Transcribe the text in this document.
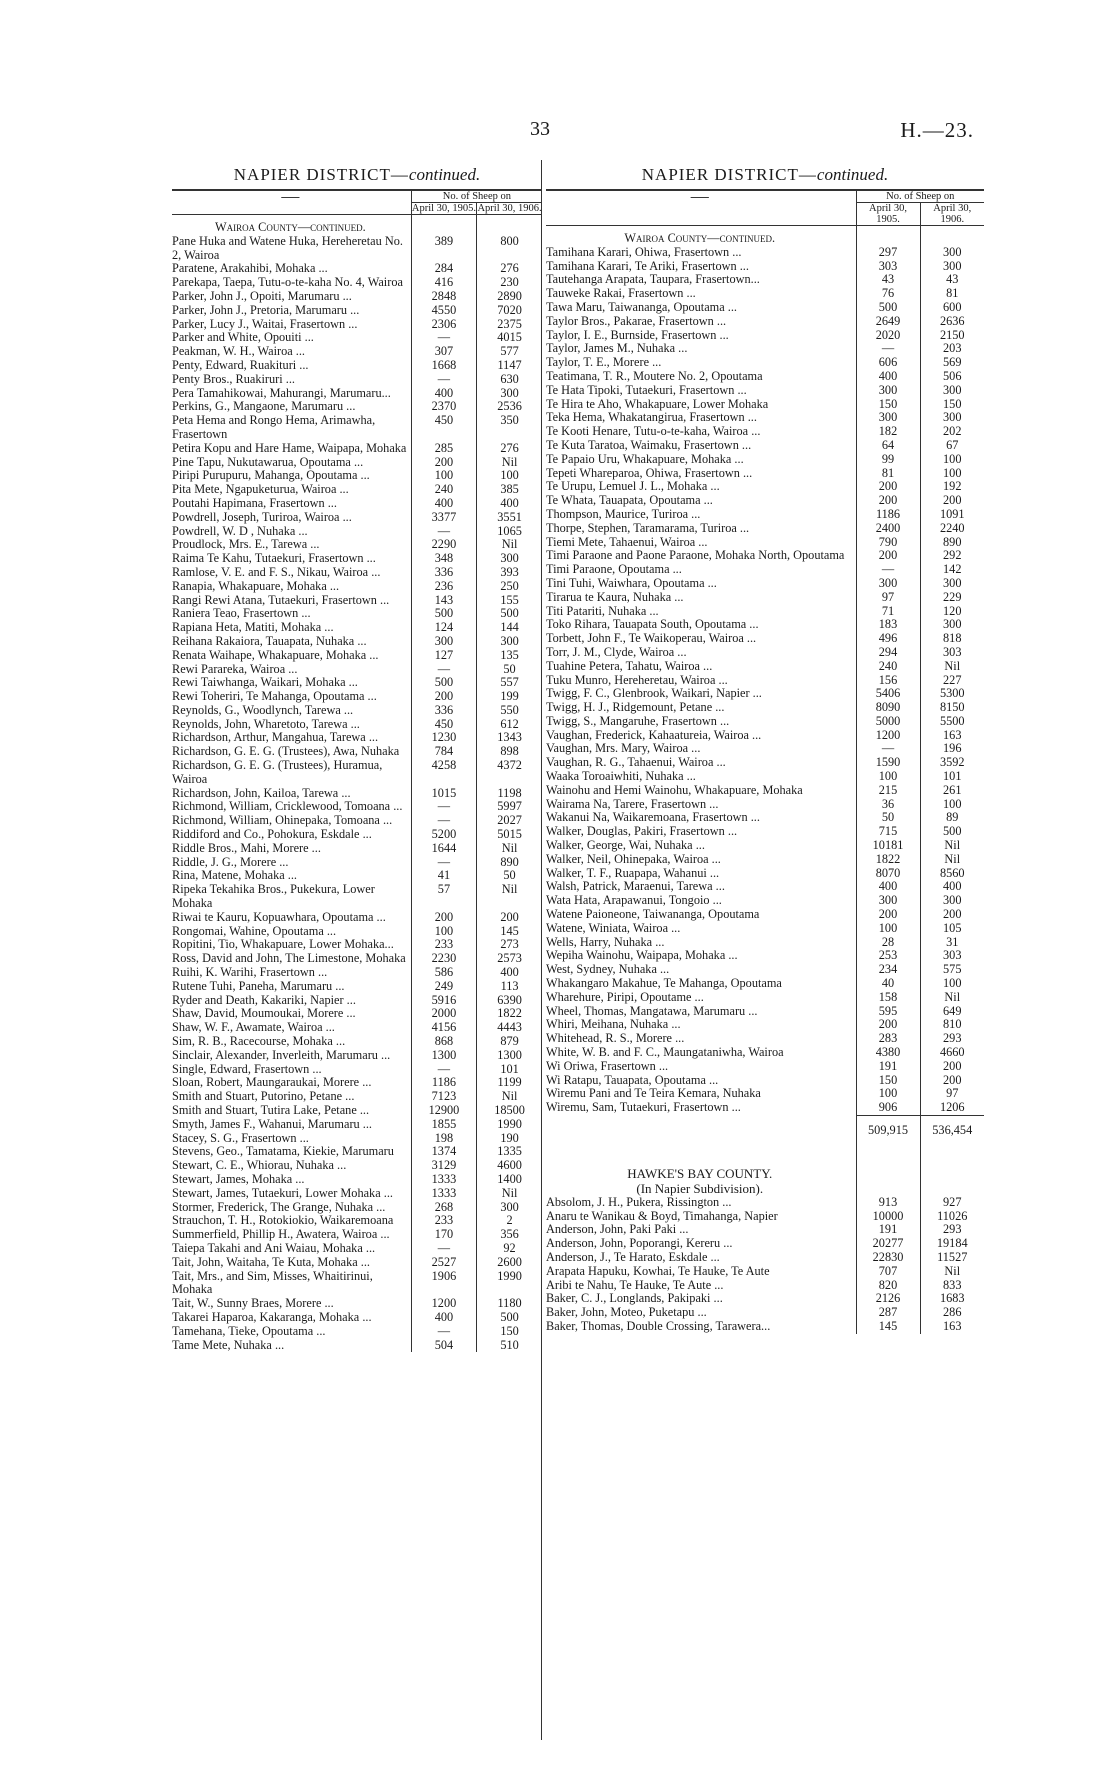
33	H.—23.
NAPIER DISTRICT—continued.
—	No. of Sheep on	
	April 30, 1905.	April 30, 1906.
Wairoa County—continued.		
Pane Huka and Watene Huka, Hereheretau No. 2, Wairoa	389	800
Paratene, Arakahibi, Mohaka ...	284	276
Parekapa, Taepa, Tutu-o-te-kaha No. 4, Wairoa	416	230
Parker, John J., Opoiti, Marumaru ...	2848	2890
Parker, John J., Pretoria, Marumaru ...	4550	7020
Parker, Lucy J., Waitai, Frasertown ...	2306	2375
Parker and White, Opouiti ...	—	4015
Peakman, W. H., Wairoa ...	307	577
Penty, Edward, Ruakituri ...	1668	1147
Penty Bros., Ruakiruri ...	—	630
Pera Tamahikowai, Mahurangi, Marumaru...	400	300
Perkins, G., Mangaone, Marumaru ...	2370	2536
Peta Hema and Rongo Hema, Arimawha, Frasertown	450	350
Petira Kopu and Hare Hame, Waipapa, Mohaka	285	276
Pine Tapu, Nukutawarua, Opoutama ...	200	Nil
Piripi Purupuru, Mahanga, Opoutama ...	100	100
Pita Mete, Ngapuketurua, Wairoa ...	240	385
Poutahi Hapimana, Frasertown ...	400	400
Powdrell, Joseph, Turiroa, Wairoa ...	3377	3551
Powdrell, W. D , Nuhaka ...	—	1065
Proudlock, Mrs. E., Tarewa ...	2290	Nil
Raima Te Kahu, Tutaekuri, Frasertown ...	348	300
Ramlose, V. E. and F. S., Nikau, Wairoa ...	336	393
Ranapia, Whakapuare, Mohaka ...	236	250
Rangi Rewi Atana, Tutaekuri, Frasertown ...	143	155
Raniera Teao, Frasertown ...	500	500
Rapiana Heta, Matiti, Mohaka ...	124	144
Reihana Rakaiora, Tauapata, Nuhaka ...	300	300
Renata Waihape, Whakapuare, Mohaka ...	127	135
Rewi Parareka, Wairoa ...	—	50
Rewi Taiwhanga, Waikari, Mohaka ...	500	557
Rewi Toheriri, Te Mahanga, Opoutama ...	200	199
Reynolds, G., Woodlynch, Tarewa ...	336	550
Reynolds, John, Wharetoto, Tarewa ...	450	612
Richardson, Arthur, Mangahua, Tarewa ...	1230	1343
Richardson, G. E. G. (Trustees), Awa, Nuhaka	784	898
Richardson, G. E. G. (Trustees), Huramua, Wairoa	4258	4372
Richardson, John, Kailoa, Tarewa ...	1015	1198
Richmond, William, Cricklewood, Tomoana ...	—	5997
Richmond, William, Ohinepaka, Tomoana ...	—	2027
Riddiford and Co., Pohokura, Eskdale ...	5200	5015
Riddle Bros., Mahi, Morere ...	1644	Nil
Riddle, J. G., Morere ...	—	890
Rina, Matene, Mohaka ...	41	50
Ripeka Tekahika Bros., Pukekura, Lower Mohaka	57	Nil
Riwai te Kauru, Kopuawhara, Opoutama ...	200	200
Rongomai, Wahine, Opoutama ...	100	145
Ropitini, Tio, Whakapuare, Lower Mohaka...	233	273
Ross, David and John, The Limestone, Mohaka	2230	2573
Ruihi, K. Warihi, Frasertown ...	586	400
Rutene Tuhi, Paneha, Marumaru ...	249	113
Ryder and Death, Kakariki, Napier ...	5916	6390
Shaw, David, Moumoukai, Morere ...	2000	1822
Shaw, W. F., Awamate, Wairoa ...	4156	4443
Sim, R. B., Racecourse, Mohaka ...	868	879
Sinclair, Alexander, Inverleith, Marumaru ...	1300	1300
Single, Edward, Frasertown ...	—	101
Sloan, Robert, Maungaraukai, Morere ...	1186	1199
Smith and Stuart, Putorino, Petane ...	7123	Nil
Smith and Stuart, Tutira Lake, Petane ...	12900	18500
Smyth, James F., Wahanui, Marumaru ...	1855	1990
Stacey, S. G., Frasertown ...	198	190
Stevens, Geo., Tamatama, Kiekie, Marumaru	1374	1335
Stewart, C. E., Whiorau, Nuhaka ...	3129	4600
Stewart, James, Mohaka ...	1333	1400
Stewart, James, Tutaekuri, Lower Mohaka ...	1333	Nil
Stormer, Frederick, The Grange, Nuhaka ...	268	300
Strauchon, T. H., Rotokiokio, Waikaremoana	233	2
Summerfield, Phillip H., Awatera, Wairoa ...	170	356
Taiepa Takahi and Ani Waiau, Mohaka ...	—	92
Tait, John, Waitaha, Te Kuta, Mohaka ...	2527	2600
Tait, Mrs., and Sim, Misses, Whaitirinui, Mohaka	1906	1990
Tait, W., Sunny Braes, Morere ...	1200	1180
Takarei Haparoa, Kakaranga, Mohaka ...	400	500
Tamehana, Tieke, Opoutama ...	—	150
Tame Mete, Nuhaka ...	504	510
NAPIER DISTRICT—continued.
—	No. of Sheep on	
	April 30, 1905.	April 30, 1906.
Wairoa County—continued.		
Tamihana Karari, Ohiwa, Frasertown ...	297	300
Tamihana Karari, Te Ariki, Frasertown ...	303	300
Tautehanga Arapata, Taupara, Frasertown...	43	43
Tauweke Rakai, Frasertown ...	76	81
Tawa Maru, Taiwananga, Opoutama ...	500	600
Taylor Bros., Pakarae, Frasertown ...	2649	2636
Taylor, I. E., Burnside, Frasertown ...	2020	2150
Taylor, James M., Nuhaka ...	—	203
Taylor, T. E., Morere ...	606	569
Teatimana, T. R., Moutere No. 2, Opoutama	400	506
Te Hata Tipoki, Tutaekuri, Frasertown ...	300	300
Te Hira te Aho, Whakapuare, Lower Mohaka	150	150
Teka Hema, Whakatangirua, Frasertown ...	300	300
Te Kooti Henare, Tutu-o-te-kaha, Wairoa ...	182	202
Te Kuta Taratoa, Waimaku, Frasertown ...	64	67
Te Papaio Uru, Whakapuare, Mohaka ...	99	100
Tepeti Whareparoa, Ohiwa, Frasertown ...	81	100
Te Urupu, Lemuel J. L., Mohaka ...	200	192
Te Whata, Tauapata, Opoutama ...	200	200
Thompson, Maurice, Turiroa ...	1186	1091
Thorpe, Stephen, Taramarama, Turiroa ...	2400	2240
Tiemi Mete, Tahaenui, Wairoa ...	790	890
Timi Paraone and Paone Paraone, Mohaka North, Opoutama	200	292
Timi Paraone, Opoutama ...	—	142
Tini Tuhi, Waiwhara, Opoutama ...	300	300
Tirarua te Kaura, Nuhaka ...	97	229
Titi Patariti, Nuhaka ...	71	120
Toko Rihara, Tauapata South, Opoutama ...	183	300
Torbett, John F., Te Waikoperau, Wairoa ...	496	818
Torr, J. M., Clyde, Wairoa ...	294	303
Tuahine Petera, Tahatu, Wairoa ...	240	Nil
Tuku Munro, Hereheretau, Wairoa ...	156	227
Twigg, F. C., Glenbrook, Waikari, Napier ...	5406	5300
Twigg, H. J., Ridgemount, Petane ...	8090	8150
Twigg, S., Mangaruhe, Frasertown ...	5000	5500
Vaughan, Frederick, Kahaatureia, Wairoa ...	1200	163
Vaughan, Mrs. Mary, Wairoa ...	—	196
Vaughan, R. G., Tahaenui, Wairoa ...	1590	3592
Waaka Toroaiwhiti, Nuhaka ...	100	101
Wainohu and Hemi Wainohu, Whakapuare, Mohaka	215	261
Wairama Na, Tarere, Frasertown ...	36	100
Wakanui Na, Waikaremoana, Frasertown ...	50	89
Walker, Douglas, Pakiri, Frasertown ...	715	500
Walker, George, Wai, Nuhaka ...	10181	Nil
Walker, Neil, Ohinepaka, Wairoa ...	1822	Nil
Walker, T. F., Ruapapa, Wahanui ...	8070	8560
Walsh, Patrick, Maraenui, Tarewa ...	400	400
Wata Hata, Arapawanui, Tongoio ...	300	300
Watene Paioneone, Taiwananga, Opoutama	200	200
Watene, Winiata, Wairoa ...	100	105
Wells, Harry, Nuhaka ...	28	31
Wepiha Wainohu, Waipapa, Mohaka ...	253	303
West, Sydney, Nuhaka ...	234	575
Whakangaro Makahue, Te Mahanga, Opoutama	40	100
Wharehure, Piripi, Opoutame ...	158	Nil
Wheel, Thomas, Mangatawa, Marumaru ...	595	649
Whiri, Meihana, Nuhaka ...	200	810
Whitehead, R. S., Morere ...	283	293
White, W. B. and F. C., Maungataniwha, Wairoa	4380	4660
Wi Oriwa, Frasertown ...	191	200
Wi Ratapu, Tauapata, Opoutama ...	150	200
Wiremu Pani and Te Teira Kemara, Nuhaka	100	97
Wiremu, Sam, Tutaekuri, Frasertown ...	906	1206
	509,915	536,454

HAWKE'S BAY COUNTY.
(In Napier Subdivision).		

Absolom, J. H., Pukera, Rissington ...	913	927
Anaru te Wanikau & Boyd, Timahanga, Napier	10000	11026
Anderson, John, Paki Paki ...	191	293
Anderson, John, Poporangi, Kereru ...	20277	19184
Anderson, J., Te Harato, Eskdale ...	22830	11527
Arapata Hapuku, Kowhai, Te Hauke, Te Aute	707	Nil
Aribi te Nahu, Te Hauke, Te Aute ...	820	833
Baker, C. J., Longlands, Pakipaki ...	2126	1683
Baker, John, Moteo, Puketapu ...	287	286
Baker, Thomas, Double Crossing, Tarawera...	145	163
